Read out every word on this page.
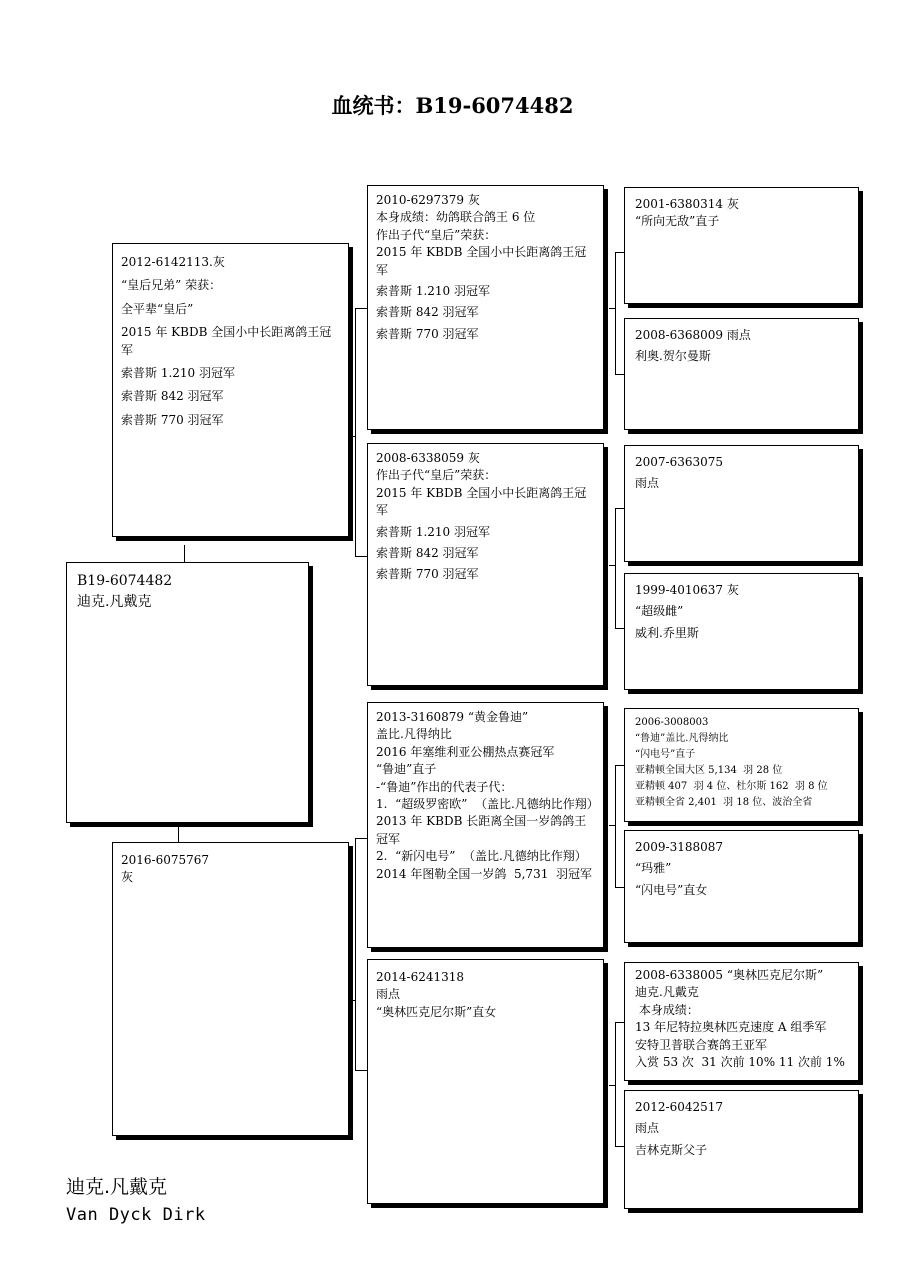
血统书：B19-6074482
B19-6074482
迪克.凡戴克
2012-6142113.灰
“皇后兄弟” 荣获：
全平辈“皇后”
2015 年 KBDB 全国小中长距离鸽王冠军
索普斯 1.210 羽冠军
索普斯 842 羽冠军
索普斯 770 羽冠军
2016-6075767
灰
2010-6297379 灰
本身成绩：幼鸽联合鸽王 6 位
作出子代“皇后”荣获：
2015 年 KBDB 全国小中长距离鸽王冠军
索普斯 1.210 羽冠军
索普斯 842 羽冠军
索普斯 770 羽冠军
2008-6338059 灰
作出子代“皇后”荣获：
2015 年 KBDB 全国小中长距离鸽王冠军
索普斯 1.210 羽冠军
索普斯 842 羽冠军
索普斯 770 羽冠军
2013-3160879 “黄金鲁迪”
盖比.凡得纳比
2016 年塞维利亚公棚热点赛冠军
“鲁迪”直子
-“鲁迪”作出的代表子代：
1.  “超级罗密欧”  （盖比.凡德纳比作翔）
2013 年 KBDB 长距离全国一岁鸽鸽王冠军
2.  “新闪电号”  （盖比.凡德纳比作翔）
2014 年图勒全国一岁鸽  5,731  羽冠军
2014-6241318
雨点
“奥林匹克尼尔斯”直女
2001-6380314 灰
“所向无敌”直子
2008-6368009 雨点
利奥.贺尔曼斯
2007-6363075
雨点
1999-4010637 灰
“超级雌”
威利.乔里斯
2006-3008003
“鲁迪”盖比.凡得纳比
“闪电号”直子
亚精顿全国大区 5,134  羽 28 位
亚精顿 407  羽 4 位、杜尔斯 162  羽 8 位
亚精顿全省 2,401  羽 18 位、波治全省
2009-3188087
“玛雅”
“闪电号”直女
2008-6338005 “奥林匹克尼尔斯”
迪克.凡戴克
本身成绩：
13 年尼特拉奥林匹克速度 A 组季军
安特卫普联合赛鸽王亚军
入赏 53 次  31 次前 10% 11 次前 1%
2012-6042517
雨点
吉林克斯父子
迪克.凡戴克
Van Dyck Dirk
